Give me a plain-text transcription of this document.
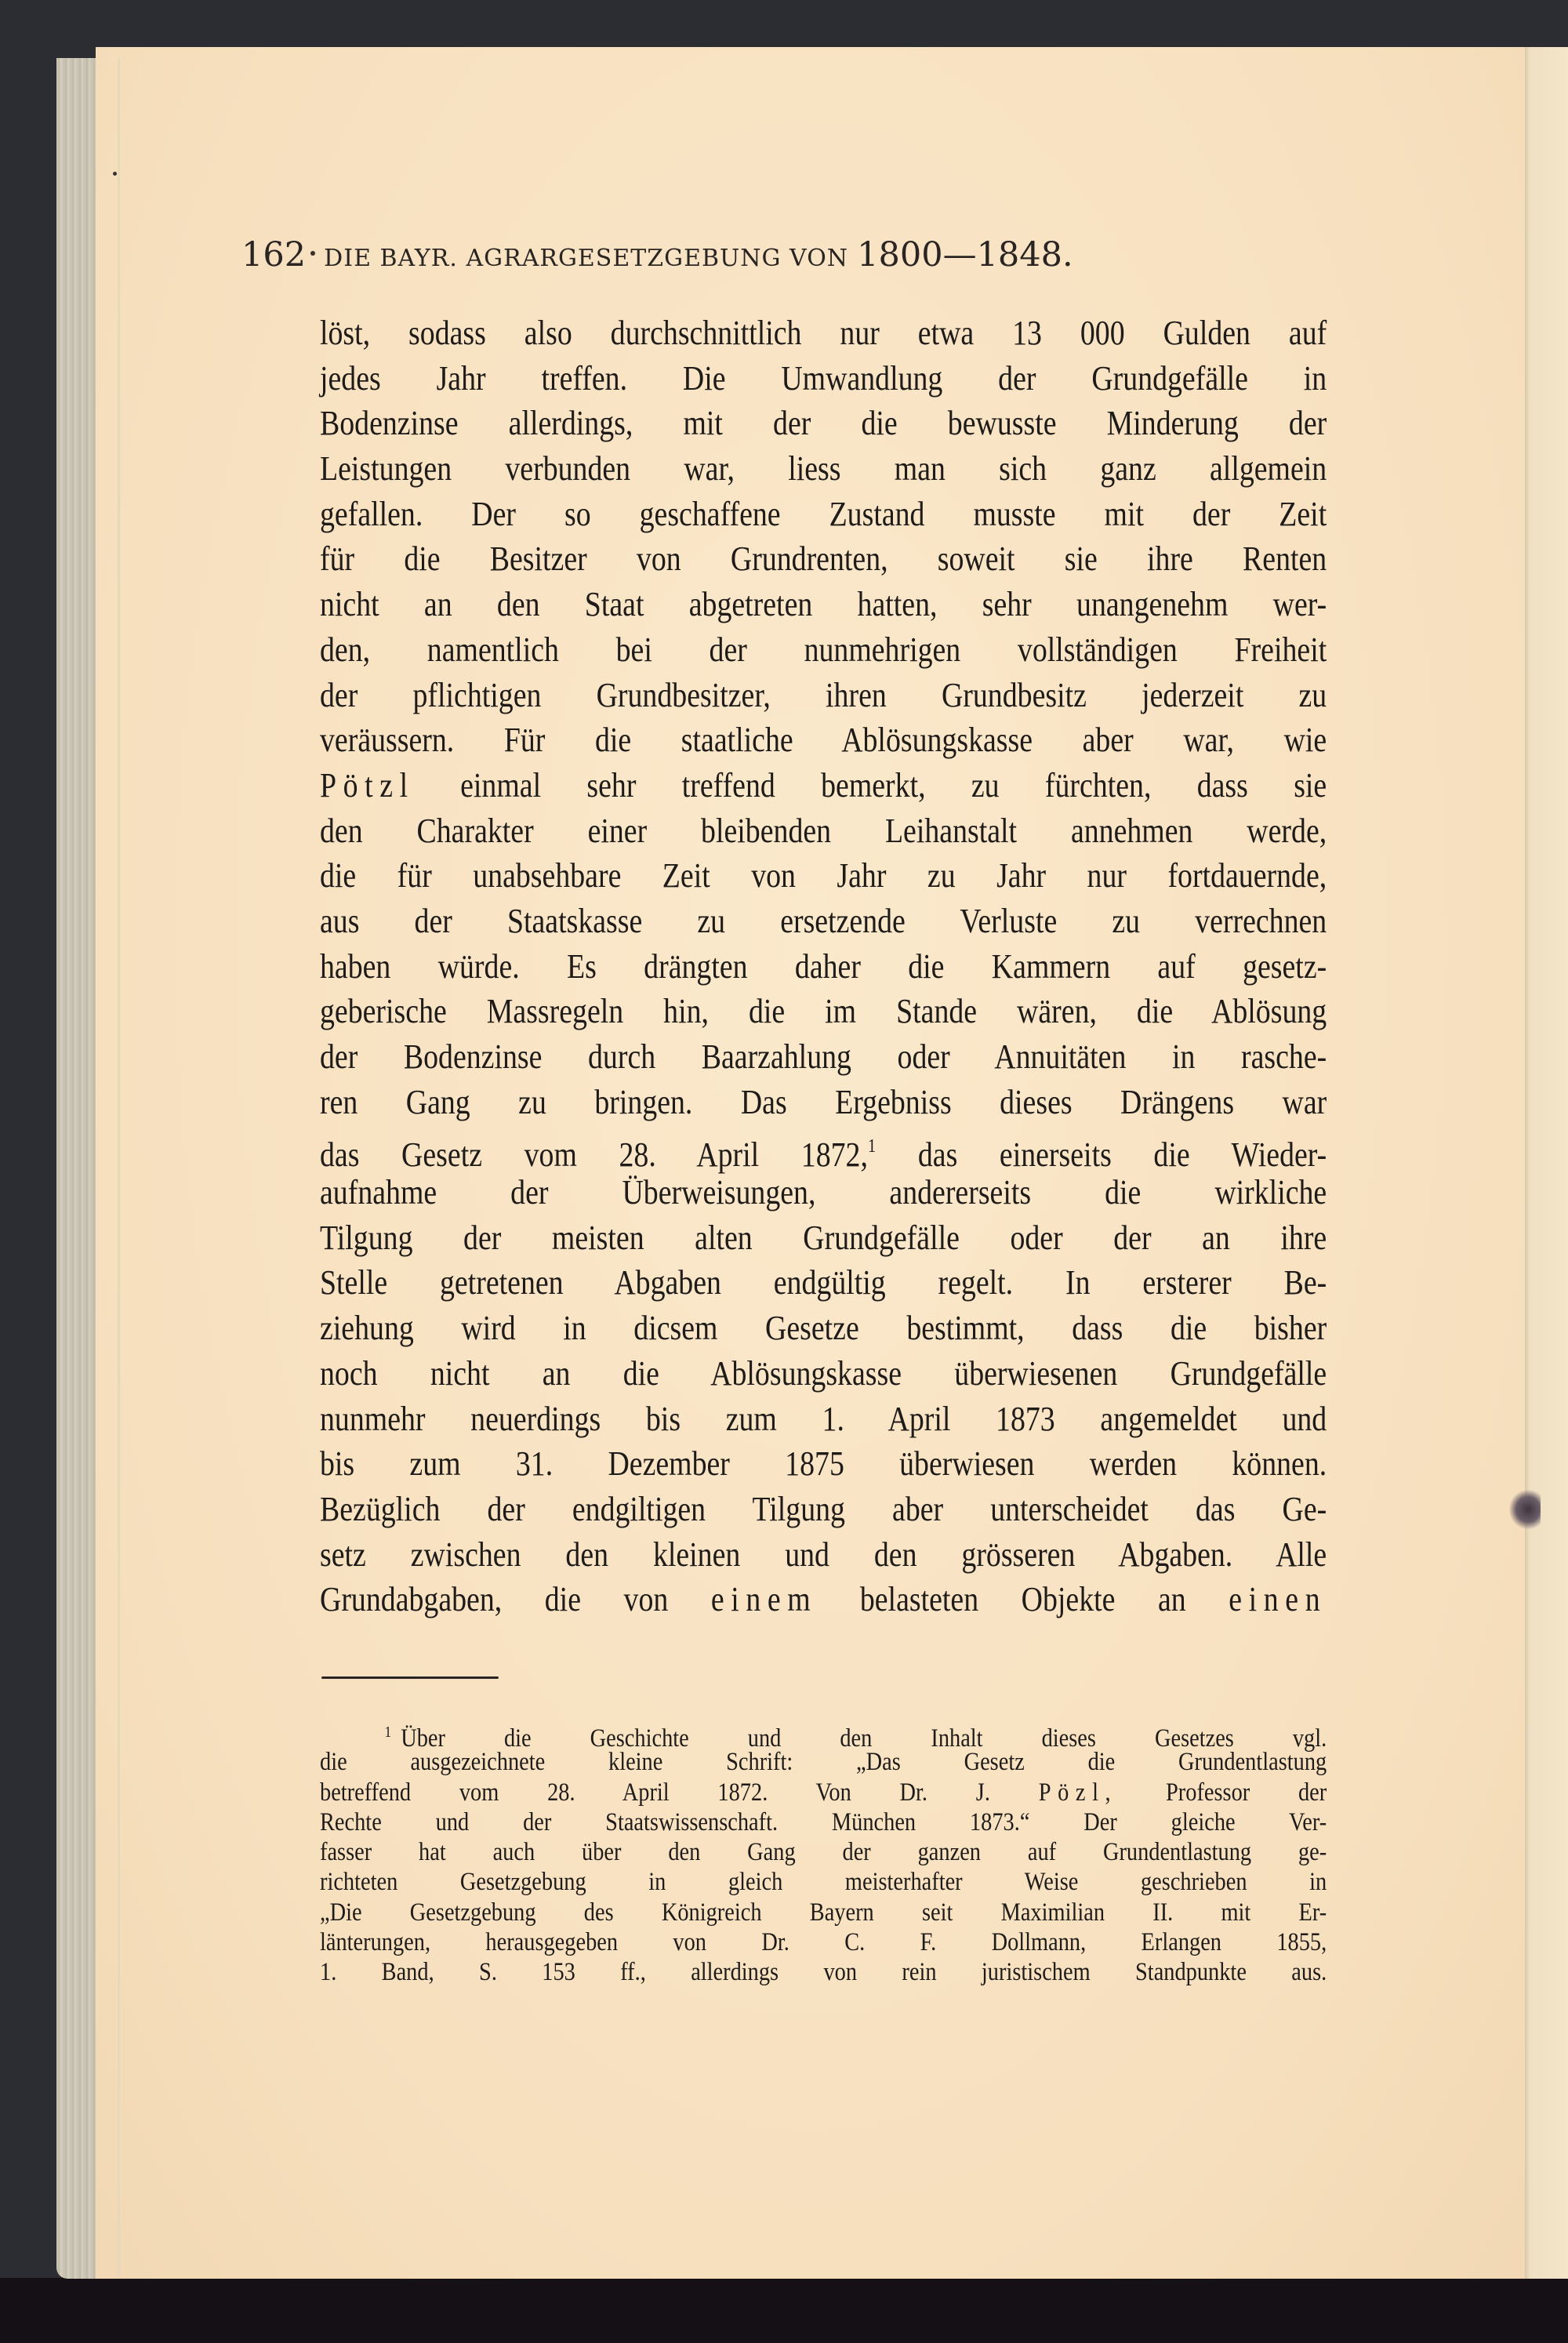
162 DIE BAYR. AGRARGESETZGEBUNG VON 1800—1848.
löst, sodass also durchschnittlich nur etwa 13 000 Gulden auf
jedes Jahr treffen. Die Umwandlung der Grundgefälle in
Bodenzinse allerdings, mit der die bewusste Minderung der
Leistungen verbunden war, liess man sich ganz allgemein
gefallen. Der so geschaffene Zustand musste mit der Zeit
für die Besitzer von Grundrenten, soweit sie ihre Renten
nicht an den Staat abgetreten hatten, sehr unangenehm wer-
den, namentlich bei der nunmehrigen vollständigen Freiheit
der pflichtigen Grundbesitzer, ihren Grundbesitz jederzeit zu
veräussern. Für die staatliche Ablösungskasse aber war, wie
Pötzl einmal sehr treffend bemerkt, zu fürchten, dass sie
den Charakter einer bleibenden Leihanstalt annehmen werde,
die für unabsehbare Zeit von Jahr zu Jahr nur fortdauernde,
aus der Staatskasse zu ersetzende Verluste zu verrechnen
haben würde. Es drängten daher die Kammern auf gesetz-
geberische Massregeln hin, die im Stande wären, die Ablösung
der Bodenzinse durch Baarzahlung oder Annuitäten in rasche-
ren Gang zu bringen. Das Ergebniss dieses Drängens war
das Gesetz vom 28. April 1872,$^1$ das einerseits die Wieder-
aufnahme der Überweisungen, andererseits die wirkliche
Tilgung der meisten alten Grundgefälle oder der an ihre
Stelle getretenen Abgaben endgültig regelt. In ersterer Be-
ziehung wird in dicsem Gesetze bestimmt, dass die bisher
noch nicht an die Ablösungskasse überwiesenen Grundgefälle
nunmehr neuerdings bis zum 1. April 1873 angemeldet und
bis zum 31. Dezember 1875 überwiesen werden können.
Bezüglich der endgiltigen Tilgung aber unterscheidet das Ge-
setz zwischen den kleinen und den grösseren Abgaben. Alle
Grundabgaben, die von einem belasteten Objekte an einen
$^1$ Über die Geschichte und den Inhalt dieses Gesetzes vgl.
die ausgezeichnete kleine Schrift: „Das Gesetz die Grundentlastung
betreffend vom 28. April 1872. Von Dr. J. Pözl, Professor der
Rechte und der Staatswissenschaft. München 1873.“ Der gleiche Ver-
fasser hat auch über den Gang der ganzen auf Grundentlastung ge-
richteten Gesetzgebung in gleich meisterhafter Weise geschrieben in
„Die Gesetzgebung des Königreich Bayern seit Maximilian II. mit Er-
länterungen, herausgegeben von Dr. C. F. Dollmann, Erlangen 1855,
1. Band, S. 153 ff., allerdings von rein juristischem Standpunkte aus.
